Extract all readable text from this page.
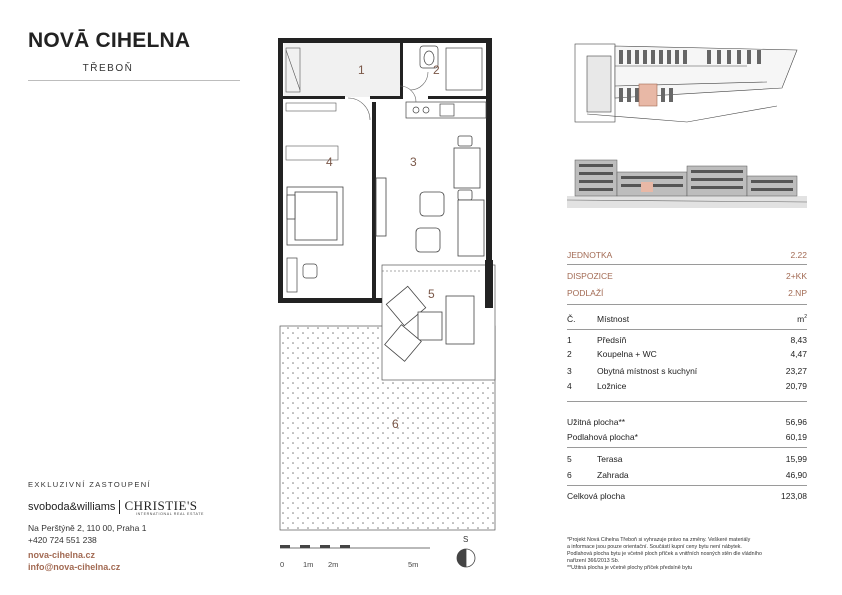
NOVĀ CIHELNA
TŘEBOŇ
EXKLUZIVNÍ ZASTOUPENÍ
svoboda&williams CHRISTIE'S
INTERNATIONAL REAL ESTATE
Na Perštýně 2, 110 00, Praha 1
+420 724 551 238
nova-cihelna.cz
info@nova-cihelna.cz
1	2
3
4
5
6
0	1m 2m	5m
S
JEDNOTKA	2.22
DISPOZICE	2+KK
PODLAŽÍ	2.NP
Č.	Místnost	$m^2$
1	Předsíň	8,43
2	Koupelna + WC	4,47
3	Obytná místnost s kuchyní	23,27
4	Ložnice	20,79
Užitná plocha**	56,96
Podlahová plocha*	60,19
5	Terasa	15,99
6	Zahrada	46,90
Celková plocha	123,08
*Projekt Nová Cihelna Třeboň si vyhrazuje právo na změny. Veškeré materiály
a informace jsou pouze orientační. Součástí kupní ceny bytu není nábytek.
Podlahová plocha bytu je včetně ploch příček a vnitřních nosných stěn dle vládního
nařízení 366/2013 Sb.
**Užitná plocha je včetně plochy příček předsíně bytu
